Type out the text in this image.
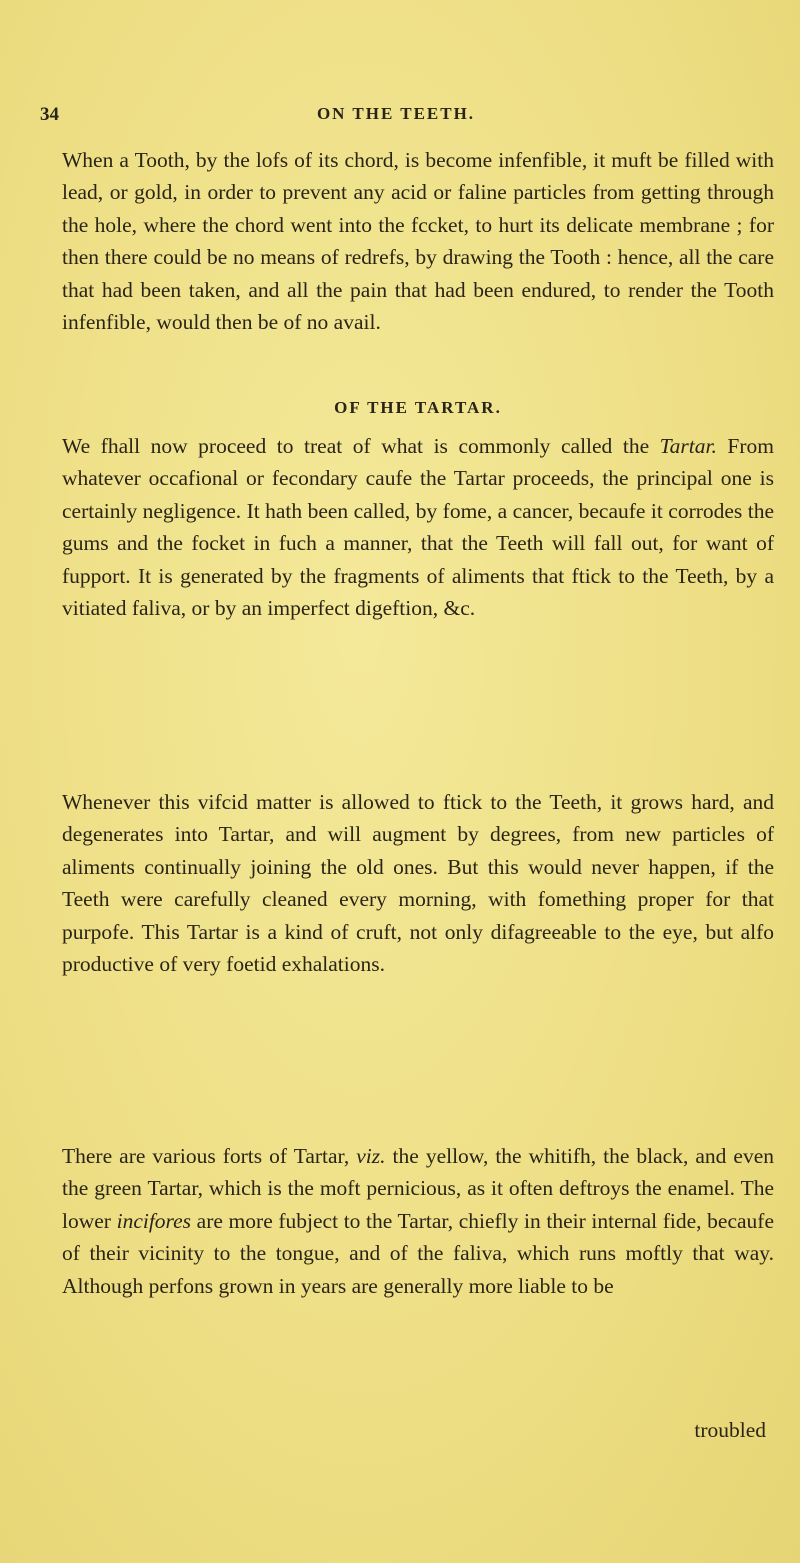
34	ON THE TEETH.

When a Tooth, by the lofs of its chord, is become infenfible, it muft be filled with lead, or gold, in order to prevent any acid or faline particles from getting through the hole, where the chord went into the fccket, to hurt its delicate membrane ; for then there could be no means of redrefs, by drawing the Tooth : hence, all the care that had been taken, and all the pain that had been endured, to render the Tooth infenfible, would then be of no avail.

OF THE TARTAR.

We fhall now proceed to treat of what is commonly called the Tartar. From whatever occafional or fecondary caufe the Tartar proceeds, the principal one is certainly negligence. It hath been called, by fome, a cancer, becaufe it corrodes the gums and the focket in fuch a manner, that the Teeth will fall out, for want of fupport. It is generated by the fragments of aliments that ftick to the Teeth, by a vitiated faliva, or by an imperfect digeftion, &c.

Whenever this vifcid matter is allowed to ftick to the Teeth, it grows hard, and degenerates into Tartar, and will augment by degrees, from new particles of aliments continually joining the old ones. But this would never happen, if the Teeth were carefully cleaned every morning, with fomething proper for that purpofe. This Tartar is a kind of cruft, not only difagreeable to the eye, but alfo productive of very foetid exhalations.

There are various forts of Tartar, viz. the yellow, the whitifh, the black, and even the green Tartar, which is the moft pernicious, as it often deftroys the enamel. The lower incifores are more fubject to the Tartar, chiefly in their internal fide, becaufe of their vicinity to the tongue, and of the faliva, which runs moftly that way. Although perfons grown in years are generally more liable to be

troubled
